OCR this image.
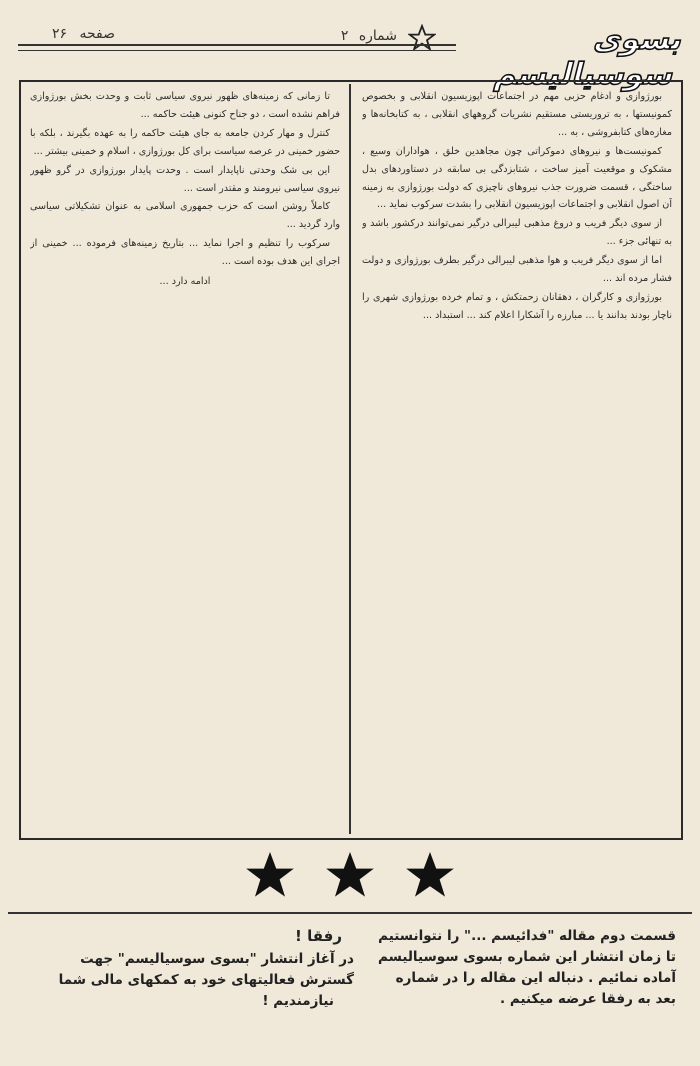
بسوی سوسیالیسم
شماره ۲
صفحه ۲۶

بورژوازی و ادغام حزبی مهم در اجتماعات اپوزیسیون انقلابی و بخصوص کمونیستها ، به تروریستی مستقیم نشریات گروههای انقلابی ، به کتابخانه‌ها و مغازه‌های کتابفروشی ، به ...

کمونیست‌ها و نیروهای دموکراتی چون مجاهدین خلق ، هواداران وسیع ، مشکوک و موقعیت آمیز ساخت ، شتابزدگی بی سابقه در دستاوردهای بدل ساختگی ، قسمت ضرورت جذب نیروهای ناچیزی که دولت بورژوازی به زمینه آن اصول انقلابی و اجتماعات اپوزیسیون انقلابی را بشدت سرکوب نماید ...

از سوی دیگر فریب و دروغ مذهبی لیبرالی درگیر نمی‌توانند درکشور باشد و به تنهائی جزء ...

اما از سوی دیگر فریب و هوا مذهبی لیبرالی درگیر بطرف بورژوازی و دولت فشار مرده اند ...

بورژوازی و کارگران ، دهقانان زحمتکش ، و تمام خرده بورژوازی شهری را ناچار بودند بدانند یا ... مبارزه را آشکارا اعلام کند ... استبداد ...

تا زمانی که زمینه‌های ظهور نیروی سیاسی ثابت و وحدت بخش بورژوازی فراهم نشده است ، دو جناح کنونی هیئت حاکمه ...

کنترل و مهار کردن جامعه به جای هیئت حاکمه را به عهده بگیرند ، بلکه با حضور خمینی در عرصه سیاست برای کل بورژوازی ، اسلام و خمینی بیشتر ...

این بی شک وحدتی ناپایدار است . وحدت پایدار بورژوازی در گرو ظهور نیروی سیاسی نیرومند و مقتدر است ...

کاملاً روشن است که حزب جمهوری اسلامی به عنوان تشکیلاتی سیاسی وارد گردید ...

سرکوب را تنظیم و اجرا نماید ... بتاریخ زمینه‌های فرموده ... خمینی از اجرای این هدف بوده است ...

ادامه دارد ...

قسمت دوم مقاله "فدائیسم ..." را نتوانستیم
تا زمان انتشار این شماره بسوی سوسیالیسم
آماده نمائیم . دنباله این مقاله را در شماره
بعد به رفقا عرضه میکنیم .
رفقا !
در آغاز انتشار "بسوی سوسیالیسم" جهت
گسترش فعالیتهای خود به کمکهای مالی شما
نیازمندیم !
